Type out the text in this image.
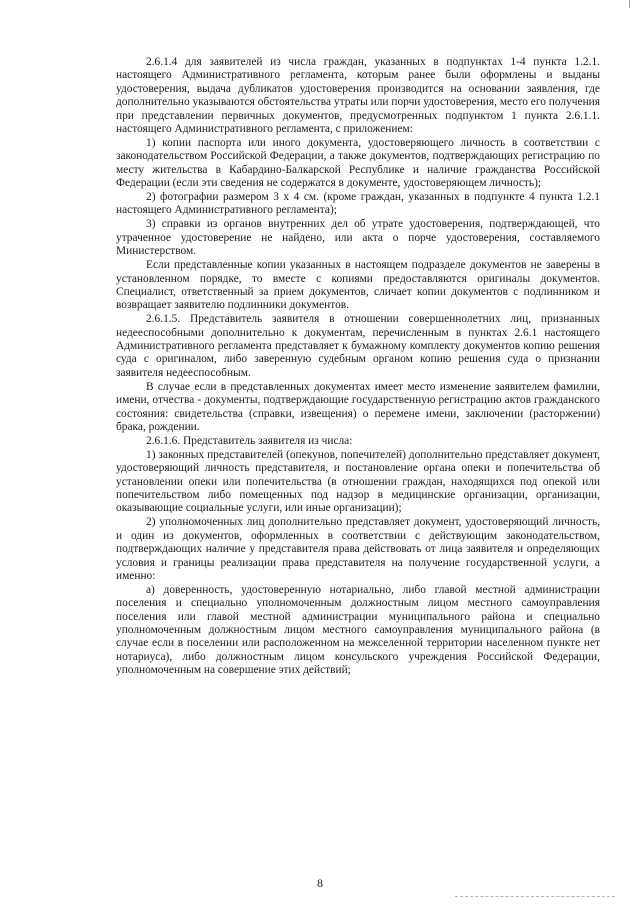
2.6.1.4 для заявителей из числа граждан, указанных в подпунктах 1-4 пункта 1.2.1. настоящего Административного регламента, которым ранее были оформлены и выданы удостоверения, выдача дубликатов удостоверения производится на основании заявления, где дополнительно указываются обстоятельства утраты или порчи удостоверения, место его получения при представлении первичных документов, предусмотренных подпунктом 1 пункта 2.6.1.1. настоящего Административного регламента, с приложением:

1) копии паспорта или иного документа, удостоверяющего личность в соответствии с законодательством Российской Федерации, а также документов, подтверждающих регистрацию по месту жительства в Кабардино-Балкарской Республике и наличие гражданства Российской Федерации (если эти сведения не содержатся в документе, удостоверяющем личность);

2) фотографии размером 3 х 4 см. (кроме граждан, указанных в подпункте 4 пункта 1.2.1 настоящего Административного регламента);

3) справки из органов внутренних дел об утрате удостоверения, подтверждающей, что утраченное удостоверение не найдено, или акта о порче удостоверения, составляемого Министерством.

Если представленные копии указанных в настоящем подразделе документов не заверены в установленном порядке, то вместе с копиями предоставляются оригиналы документов. Специалист, ответственный за прием документов, сличает копии документов с подлинником и возвращает заявителю подлинники документов.

2.6.1.5. Представитель заявителя в отношении совершеннолетних лиц, признанных недееспособными дополнительно к документам, перечисленным в пунктах 2.6.1 настоящего Административного регламента представляет к бумажному комплекту документов копию решения суда с оригиналом, либо заверенную судебным органом копию решения суда о признании заявителя недееспособным.

В случае если в представленных документах имеет место изменение заявителем фамилии, имени, отчества - документы, подтверждающие государственную регистрацию актов гражданского состояния: свидетельства (справки, извещения) о перемене имени, заключении (расторжении) брака, рождении.

2.6.1.6. Представитель заявителя из числа:

1) законных представителей (опекунов, попечителей) дополнительно представляет документ, удостоверяющий личность представителя, и постановление органа опеки и попечительства об установлении опеки или попечительства (в отношении граждан, находящихся под опекой или попечительством либо помещенных под надзор в медицинские организации, организации, оказывающие социальные услуги, или иные организации);

2) уполномоченных лиц дополнительно представляет документ, удостоверяющий личность, и один из документов, оформленных в соответствии с действующим законодательством, подтверждающих наличие у представителя права действовать от лица заявителя и определяющих условия и границы реализации права представителя на получение государственной услуги, а именно:

а) доверенность, удостоверенную нотариально, либо главой местной администрации поселения и специально уполномоченным должностным лицом местного самоуправления поселения или главой местной администрации муниципального района и специально уполномоченным должностным лицом местного самоуправления муниципального района (в случае если в поселении или расположенном на межселенной территории населенном пункте нет нотариуса), либо должностным лицом консульского учреждения Российской Федерации, уполномоченным на совершение этих действий;

8
